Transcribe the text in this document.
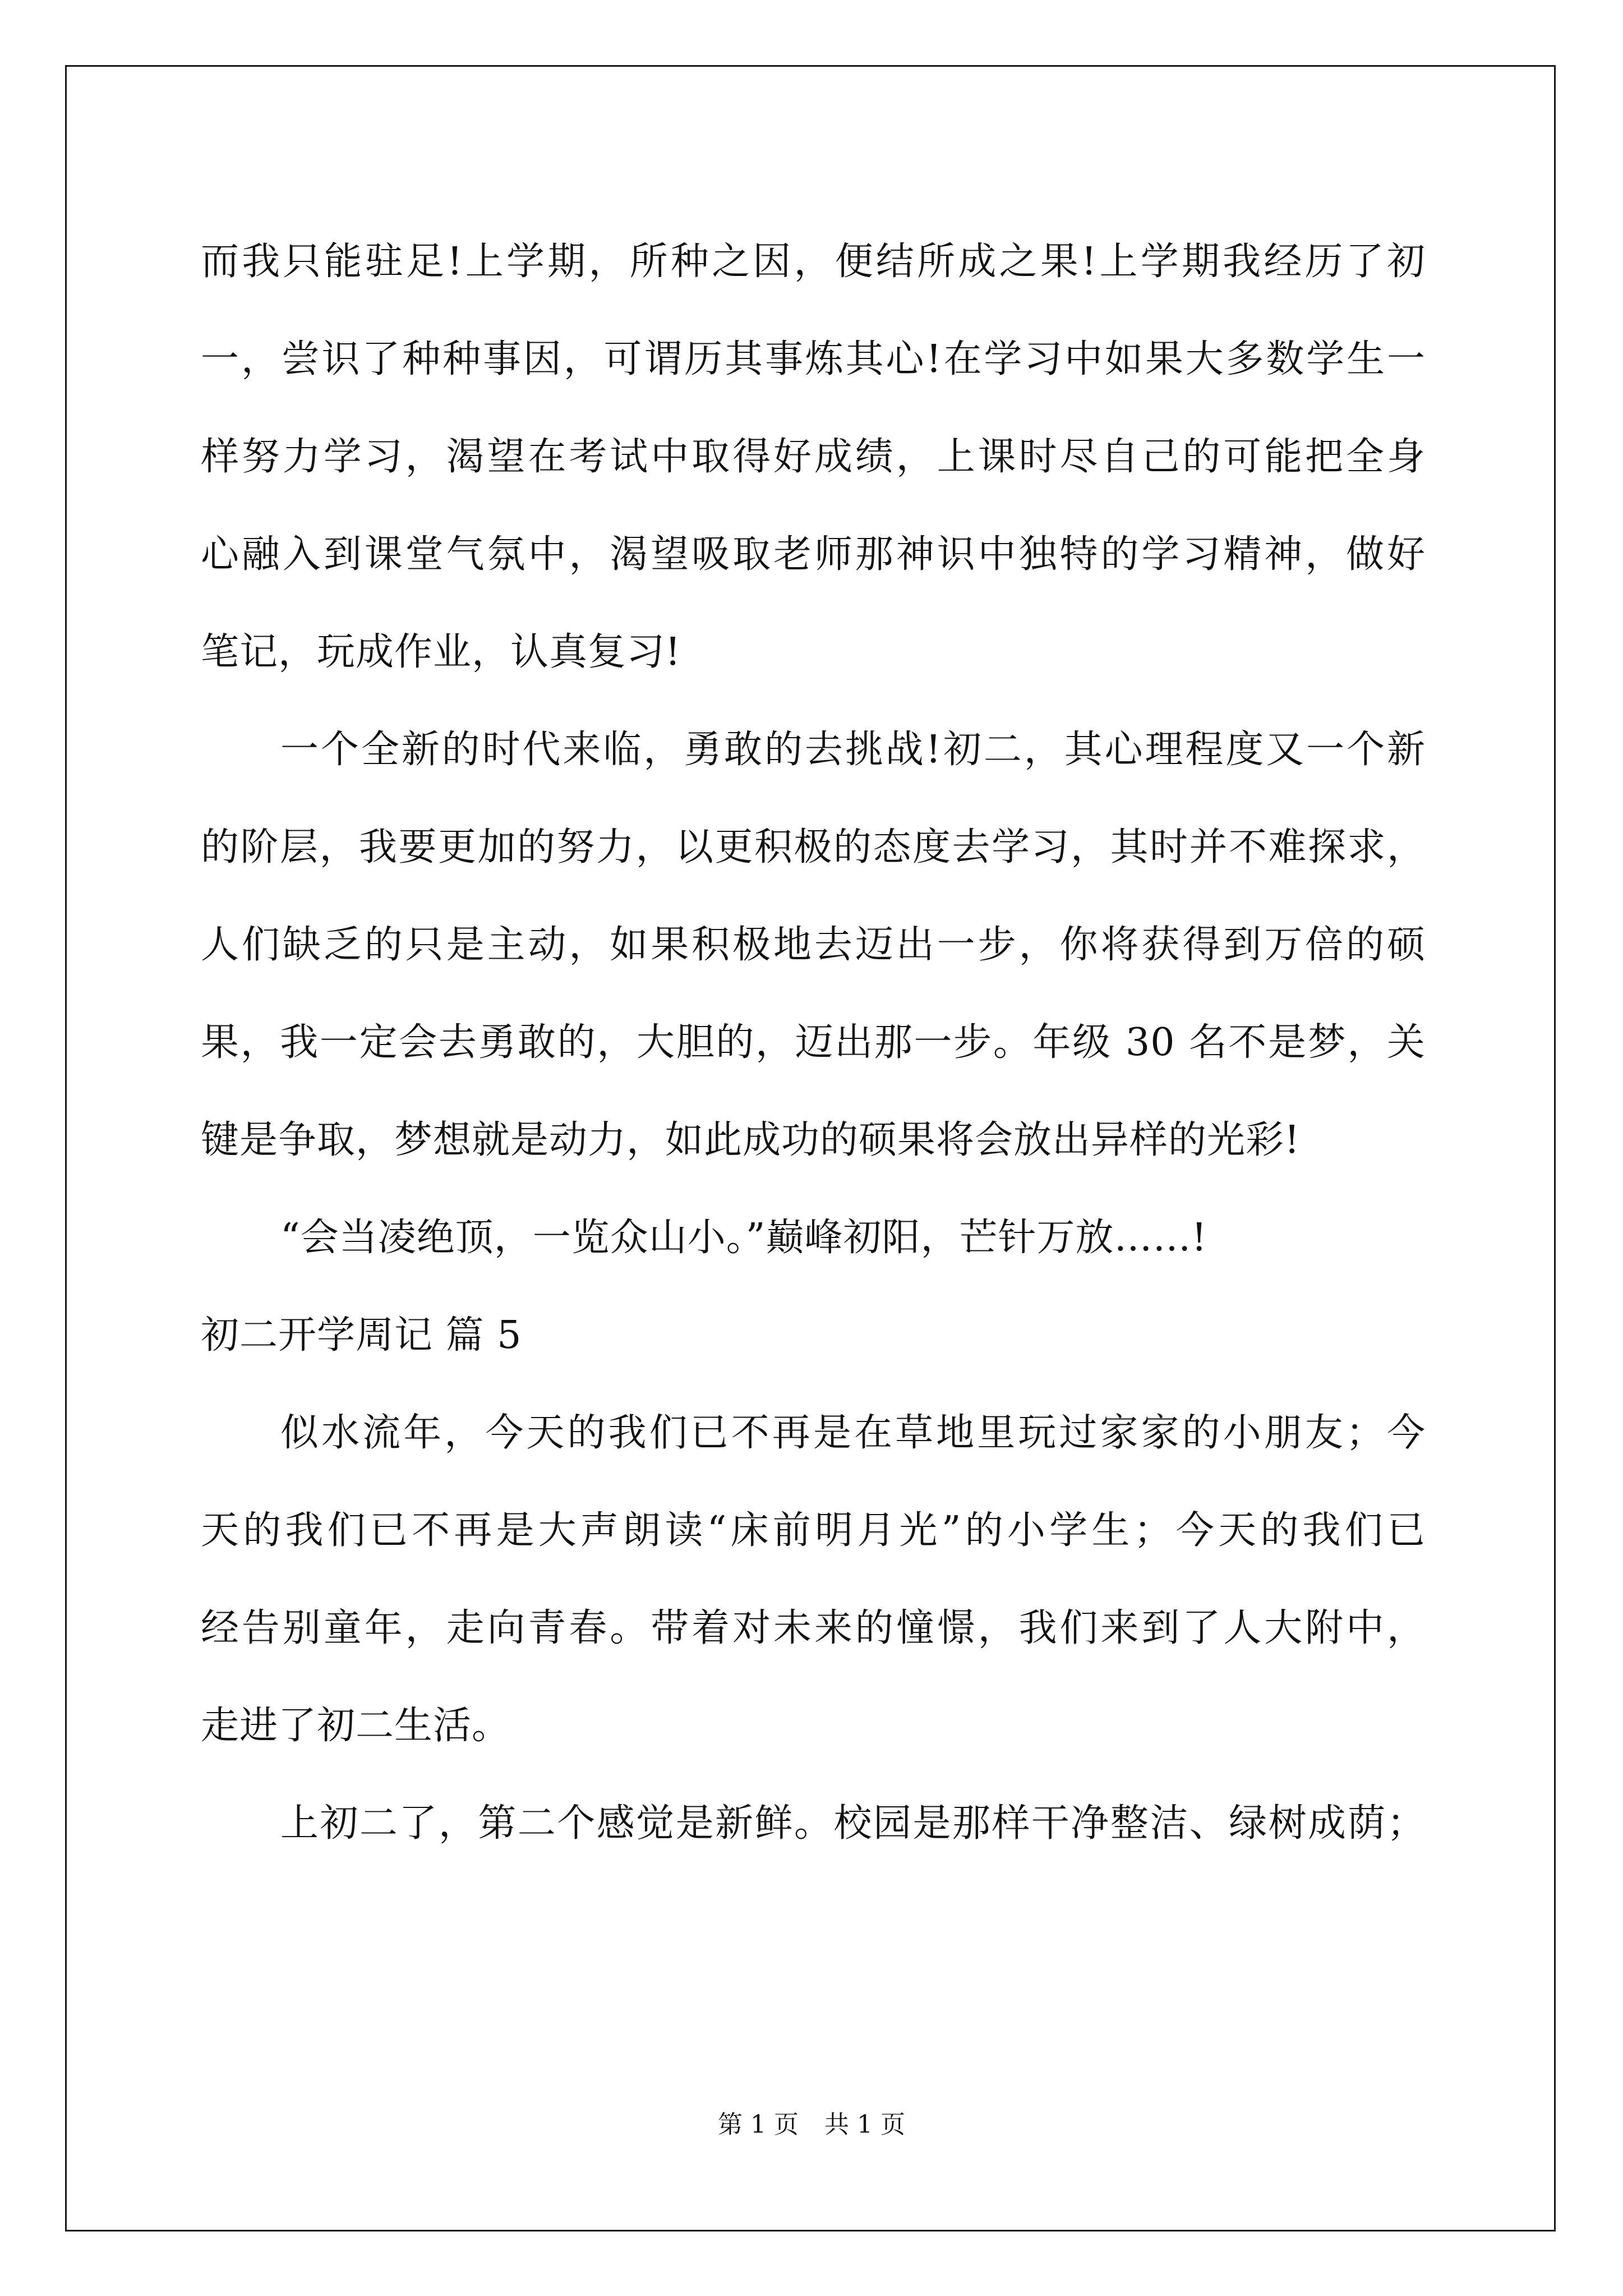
而我只能驻足!上学期，所种之因，便结所成之果!上学期我经历了初
一，尝识了种种事因，可谓历其事炼其心!在学习中如果大多数学生一
样努力学习，渴望在考试中取得好成绩，上课时尽自己的可能把全身
心融入到课堂气氛中，渴望吸取老师那神识中独特的学习精神，做好
笔记，玩成作业，认真复习!
一个全新的时代来临，勇敢的去挑战!初二，其心理程度又一个新
的阶层，我要更加的努力，以更积极的态度去学习，其时并不难探求，
人们缺乏的只是主动，如果积极地去迈出一步，你将获得到万倍的硕
果，我一定会去勇敢的，大胆的，迈出那一步。年级 30 名不是梦，关
键是争取，梦想就是动力，如此成功的硕果将会放出异样的光彩!
“会当凌绝顶，一览众山小。”巅峰初阳，芒针万放……!
初二开学周记 篇 5
似水流年，今天的我们已不再是在草地里玩过家家的小朋友；今
天的我们已不再是大声朗读“床前明月光”的小学生；今天的我们已
经告别童年，走向青春。带着对未来的憧憬，我们来到了人大附中，
走进了初二生活。
上初二了，第二个感觉是新鲜。校园是那样干净整洁、绿树成荫；
第 1 页 共 1 页
